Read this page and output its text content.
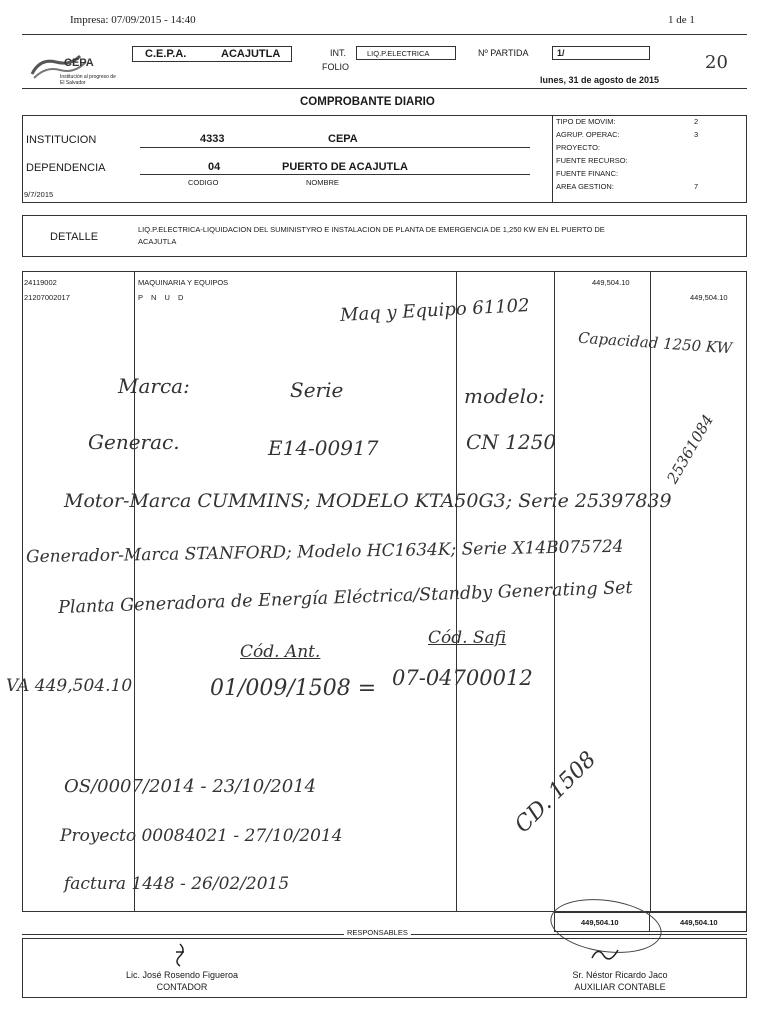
Impresa: 07/09/2015 - 14:40	1 de 1
CEPA
Institución al progreso de El Salvador
C.E.P.A.	ACAJUTLA	INT.	LIQ.P.ELECTRICA
FOLIO
Nº PARTIDA	1/	20
lunes, 31 de agosto de 2015
COMPROBANTE DIARIO
INSTITUCION	4333	CEPA
DEPENDENCIA	04	PUERTO DE ACAJUTLA
CODIGO	NOMBRE
9/7/2015
TIPO DE MOVIM:	2
AGRUP. OPERAC:	3
PROYECTO:
FUENTE RECURSO:
FUENTE FINANC:
AREA GESTION:	7
DETALLE
LIQ.P.ELECTRICA-LIQUIDACION DEL SUMINISTYRO E INSTALACION DE PLANTA DE EMERGENCIA DE 1,250 KW EN EL PUERTO DE
ACAJUTLA
24119002	MAQUINARIA Y EQUIPOS	449,504.10
21207002017	P N U D	449,504.10
Maq y Equipo 61102
Capacidad 1250 KW
Marca:	Serie	modelo:
Generac.	E14-00917	CN 1250	25361084
Motor-Marca CUMMINS; MODELO KTA50G3; Serie 25397839
Generador-Marca STANFORD; Modelo HC1634K; Serie X14B075724
Planta Generadora de Energía Eléctrica/Standby Generating Set
Cód. Ant.
Cód. Safi
VA 449,504.10	01/009/1508 = 07-04700012
OS/0007/2014 - 23/10/2014
Proyecto 00084021 - 27/10/2014
factura 1448 - 26/02/2015
CD. 1508
449,504.10	449,504.10
RESPONSABLES
Lic. José Rosendo Figueroa
CONTADOR
Sr. Néstor Ricardo Jaco
AUXILIAR CONTABLE
